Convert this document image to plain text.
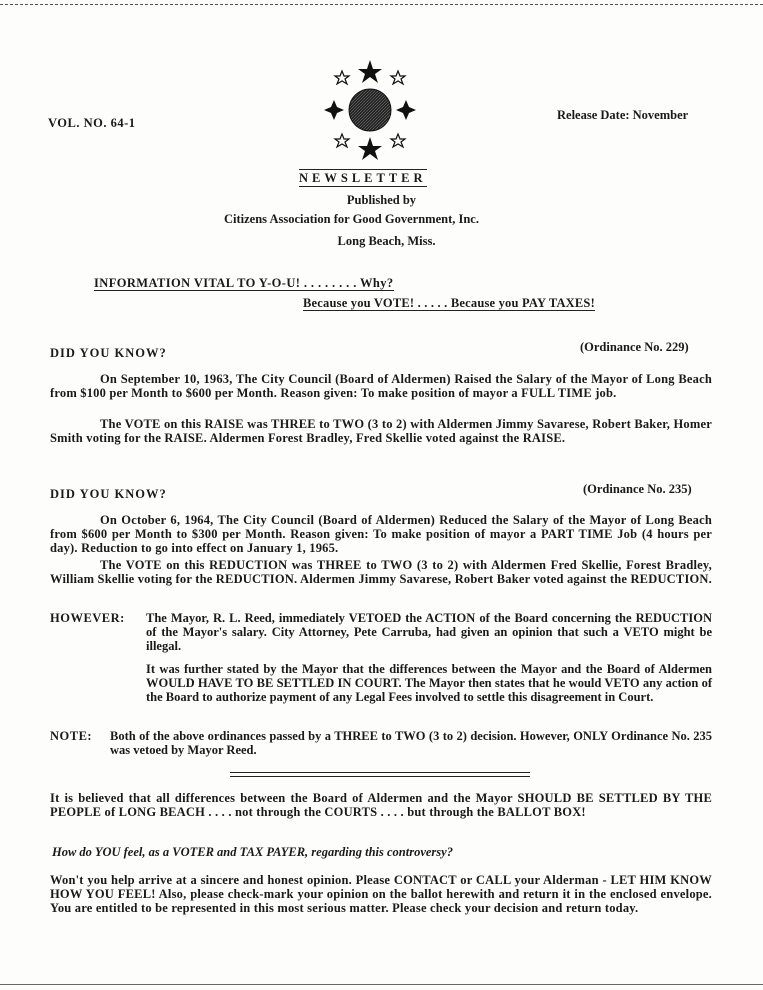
VOL. NO. 64-1
Release Date: November
NEWSLETTER
Published by
Citizens Association for Good Government, Inc.
Long Beach, Miss.
INFORMATION VITAL TO Y-O-U! . . . . . . . . Why?
Because you VOTE! . . . . . Because you PAY TAXES!
DID YOU KNOW?	(Ordinance No. 229)
On September 10, 1963, The City Council (Board of Aldermen) Raised the Salary of the Mayor of Long Beach from $100 per Month to $600 per Month. Reason given: To make position of mayor a FULL TIME job.
The VOTE on this RAISE was THREE to TWO (3 to 2) with Aldermen Jimmy Savarese, Robert Baker, Homer Smith voting for the RAISE. Aldermen Forest Bradley, Fred Skellie voted against the RAISE.
DID YOU KNOW?	(Ordinance No. 235)
On October 6, 1964, The City Council (Board of Aldermen) Reduced the Salary of the Mayor of Long Beach from $600 per Month to $300 per Month. Reason given: To make position of mayor a PART TIME Job (4 hours per day). Reduction to go into effect on January 1, 1965.
The VOTE on this REDUCTION was THREE to TWO (3 to 2) with Aldermen Fred Skellie, Forest Bradley, William Skellie voting for the REDUCTION. Aldermen Jimmy Savarese, Robert Baker voted against the REDUCTION.
HOWEVER: The Mayor, R. L. Reed, immediately VETOED the ACTION of the Board concerning the REDUCTION of the Mayor's salary. City Attorney, Pete Carruba, had given an opinion that such a VETO might be illegal.
It was further stated by the Mayor that the differences between the Mayor and the Board of Aldermen WOULD HAVE TO BE SETTLED IN COURT. The Mayor then states that he would VETO any action of the Board to authorize payment of any Legal Fees involved to settle this disagreement in Court.
NOTE: Both of the above ordinances passed by a THREE to TWO (3 to 2) decision. However, ONLY Ordinance No. 235 was vetoed by Mayor Reed.
It is believed that all differences between the Board of Aldermen and the Mayor SHOULD BE SETTLED BY THE PEOPLE of LONG BEACH . . . . not through the COURTS . . . . but through the BALLOT BOX!
How do YOU feel, as a VOTER and TAX PAYER, regarding this controversy?
Won't you help arrive at a sincere and honest opinion. Please CONTACT or CALL your Alderman - LET HIM KNOW HOW YOU FEEL! Also, please check-mark your opinion on the ballot herewith and return it in the enclosed envelope. You are entitled to be represented in this most serious matter. Please check your decision and return today.
